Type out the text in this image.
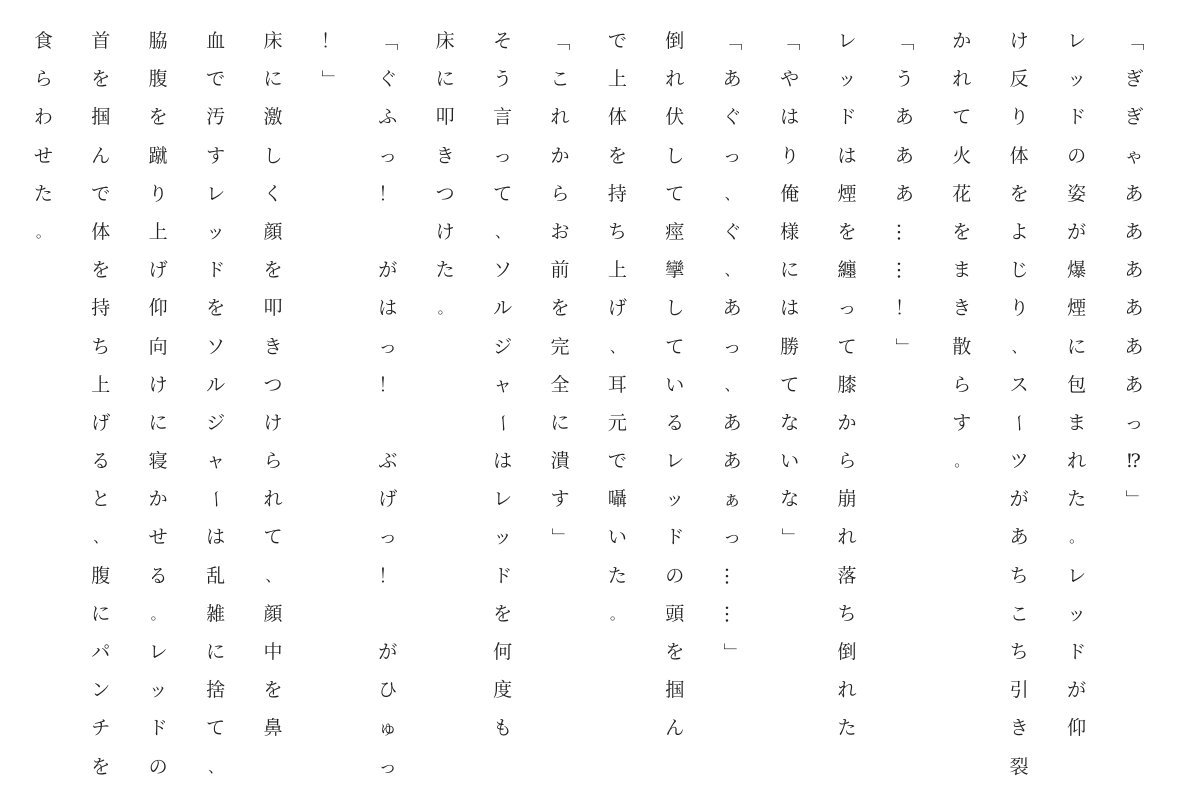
「
ぎ
ぎ
ゃ
あ
あ
あ
あ
あ
あ
っ
⁉
」
レ
ッ
ド
の
姿
が
爆
煙
に
包
ま
れ
た
。
レ
ッ
ド
が
仰
け
反
り
体
を
よ
じ
り
、
ス
ー
ツ
が
あ
ち
こ
ち
引
き
裂
か
れ
て
火
花
を
ま
き
散
ら
す
。
「
う
あ
あ
あ
…
…
！
」
レ
ッ
ド
は
煙
を
纏
っ
て
膝
か
ら
崩
れ
落
ち
倒
れ
た
「
や
は
り
俺
様
に
は
勝
て
な
い
な
」
「
あ
ぐ
っ
、
ぐ
、
あ
っ
、
あ
あ
ぁ
っ
…
…
」
倒
れ
伏
し
て
痙
攣
し
て
い
る
レ
ッ
ド
の
頭
を
掴
ん
で
上
体
を
持
ち
上
げ
、
耳
元
で
囁
い
た
。
「
こ
れ
か
ら
お
前
を
完
全
に
潰
す
」
そ
う
言
っ
て
、
ソ
ル
ジ
ャ
ー
は
レ
ッ
ド
を
何
度
も
床
に
叩
き
つ
け
た
。
「
ぐ
ふ
っ
！

が
は
っ
！

ぶ
げ
っ
！

が
ひ
ゅ
っ
！
」
床
に
激
し
く
顔
を
叩
き
つ
け
ら
れ
て
、
顔
中
を
鼻
血
で
汚
す
レ
ッ
ド
を
ソ
ル
ジ
ャ
ー
は
乱
雑
に
捨
て
、
脇
腹
を
蹴
り
上
げ
仰
向
け
に
寝
か
せ
る
。
レ
ッ
ド
の
首
を
掴
ん
で
体
を
持
ち
上
げ
る
と
、
腹
に
パ
ン
チ
を
食
ら
わ
せ
た
。
